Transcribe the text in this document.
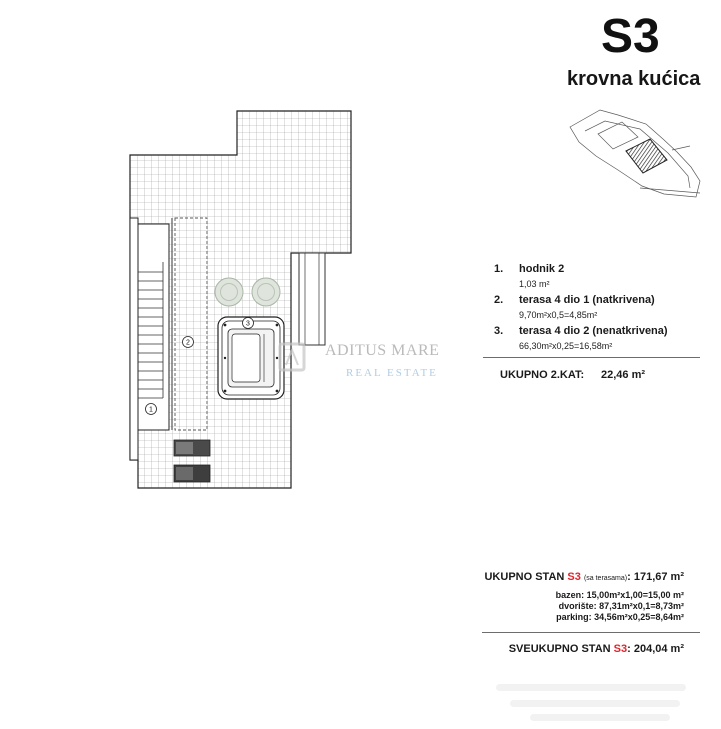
1
2
3
S3
krovna kućica
1. hodnik 2
1,03 m²
2. terasa 4 dio 1 (natkrivena)
9,70m²x0,5=4,85m²
3. terasa 4 dio 2 (nenatkrivena)
66,30m²x0,25=16,58m²
UKUPNO 2.KAT: 22,46 m²
ADITUS MARE
REAL ESTATE
UKUPNO STAN S3 (sa terasama): 171,67 m²
bazen: 15,00m²x1,00=15,00 m²
dvorište: 87,31m²x0,1=8,73m²
parking: 34,56m²x0,25=8,64m²
SVEUKUPNO STAN S3: 204,04 m²
